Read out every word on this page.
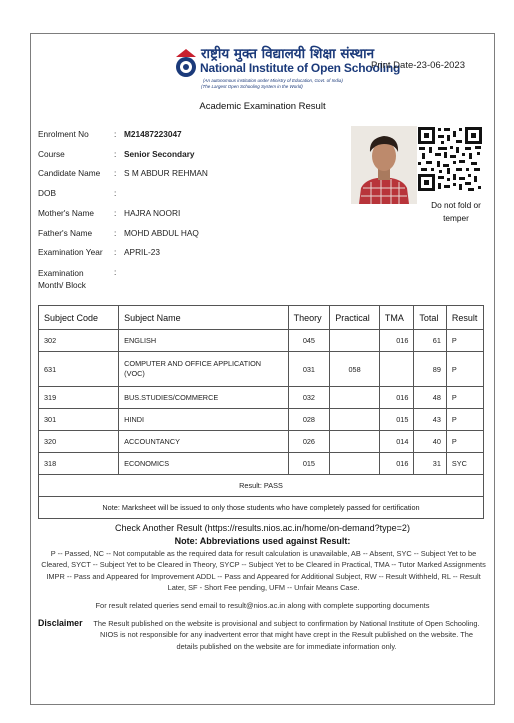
राष्ट्रीय मुक्त विद्यालयी शिक्षा संस्थान
National Institute of Open Schooling
(An autonomous institution under Ministry of Education, Govt. of India)
(The Largest Open Schooling System in the World)
Print Date-23-06-2023
Academic Examination Result
Enrolment No	: M21487223047
Course	: Senior Secondary
Candidate Name	: S M ABDUR REHMAN
DOB	:
Mother's Name	: HAJRA NOORI
Father's Name	: MOHD ABDUL HAQ
Examination Year	: APRIL-23
Examination Month/ Block
:
Do not fold or temper
Subject Code	Subject Name	Theory	Practical	TMA	Total	Result
302	ENGLISH	045		016	61	P
631	COMPUTER AND OFFICE APPLICATION (VOC)	031	058		89	P
319	BUS.STUDIES/COMMERCE	032		016	48	P
301	HINDI	028		015	43	P
320	ACCOUNTANCY	026		014	40	P
318	ECONOMICS	015		016	31	SYC
Result: PASS						
Note: Marksheet will be issued to only those students who have completely passed for certification						
Check Another Result (https://results.nios.ac.in/home/on-demand?type=2)
Note: Abbreviations used against Result:
P -- Passed, NC -- Not computable as the required data for result calculation is unavailable, AB -- Absent, SYC -- Subject Yet to be Cleared, SYCT -- Subject Yet to be Cleared in Theory, SYCP -- Subject Yet to be Cleared in Practical, TMA -- Tutor Marked Assignments IMPR -- Pass and Appeared for Improvement ADDL -- Pass and Appeared for Additional Subject, RW -- Result Withheld, RL -- Result Later, SF - Short Fee pending, UFM -- Unfair Means Case.
For result related queries send email to result@nios.ac.in along with complete supporting documents
Disclaimer	The Result published on the website is provisional and subject to confirmation by National Institute of Open Schooling. NIOS is not responsible for any inadvertent error that might have crept in the Result published on the website. The details published on the website are for immediate information only.
